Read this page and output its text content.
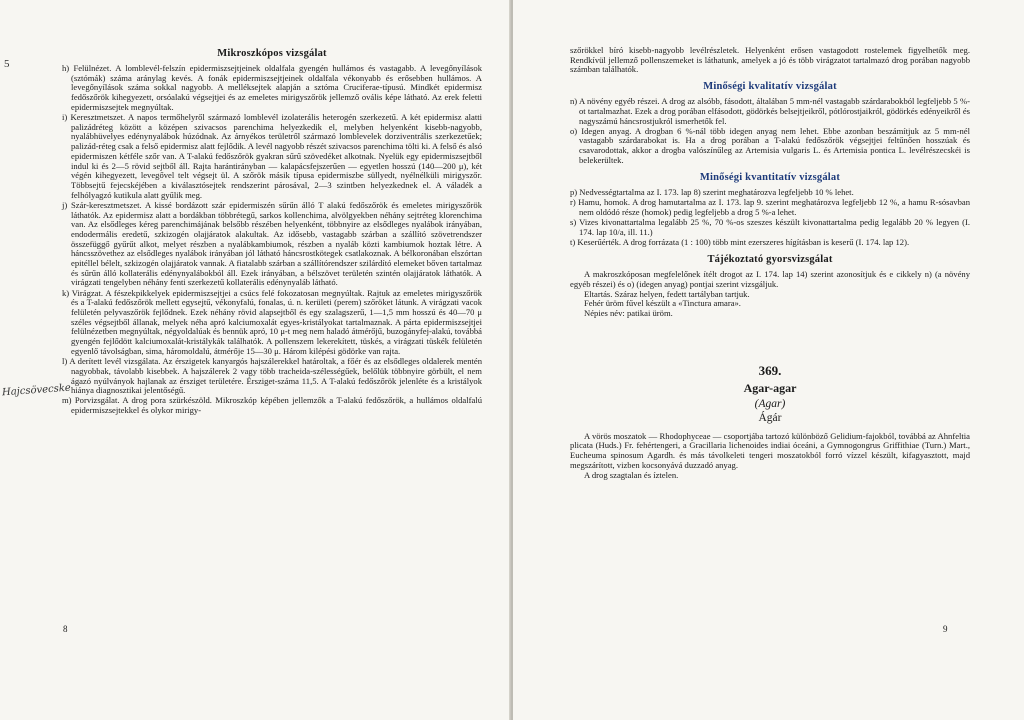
5
Hajcsövecske
Mikroszkópos vizsgálat

h) Felülnézet. A lomblevél-felszín epidermiszsejtjeinek oldalfala gyengén hullámos és vastagabb. A levegőnyílások (sztómák) száma aránylag kevés. A fonák epidermiszsejtjeinek oldalfala vékonyabb és erősebben hullámos. A levegőnyílások száma sokkal nagyobb. A melléksejtek alapján a sztóma Cruciferae-típusú. Mindkét epidermisz fedőszőrök kihegyezett, orsóalakú végsejtjei és az emeletes mirigyszőrök jellemző ovális képe látható. Az erek feletti epidermiszsejtek megnyúltak.

i) Keresztmetszet. A napos termőhelyről származó lomblevél izolaterális heterogén szerkezetű. A két epidermisz alatti palizádréteg között a középen szivacsos parenchima helyezkedik el, melyben helyenként kisebb-nagyobb, nyalábhüvelyes edénynyalábok húzódnak. Az árnyékos területről származó lomblevelek dorziventrális szerkezetűek; palizád-réteg csak a felső epidermisz alatt fejlődik. A levél nagyobb részét szivacsos parenchima tölti ki. A felső és alsó epidermiszen kétféle szőr van. A T-alakú fedőszőrök gyakran sűrű szövedéket alkotnak. Nyelük egy epidermiszsejtből indul ki és 2—5 rövid sejtből áll. Rajta harántirányban — kalapácsfejszerűen — egyetlen hosszú (140—200 μ), két végén kihegyezett, levegővel telt végsejt ül. A szőrök másik típusa epidermiszbe süllyedt, nyélnélküli mirigyszőr. Többsejtű fejecskéjében a kiválasztósejtek rendszerint párosával, 2—3 szintben helyezkednek el. A váladék a felhólyagzó kutikula alatt gyűlik meg.

j) Szár-keresztmetszet. A kissé bordázott szár epidermiszén sűrűn álló T alakú fedőszőrök és emeletes mirigyszőrök láthatók. Az epidermisz alatt a bordákban többrétegű, sarkos kollenchima, alvölgyekben néhány sejtréteg klorenchima van. Az elsődleges kéreg parenchimájának belsőbb részében helyenként, többnyire az elsődleges nyalábok irányában, endodermális eredetű, szkizogén olajjáratok alakultak. Az idősebb, vastagabb szárban a szállító szövetrendszer összefüggő gyűrűt alkot, melyet részben a nyalábkambiumok, részben a nyaláb közti kambiumok hoztak létre. A háncsszövethez az elsődleges nyalábok irányában jól látható háncsrostkötegek csatlakoznak. A bélkoronában elszórtan epitéllel bélelt, szkizogén olajjáratok vannak. A fiatalabb szárban a szállítórendszer szilárdító elemeket bőven tartalmaz és sűrűn álló kollaterális edénynyalábokból áll. Ezek irányában, a bélszövet területén szintén olajjáratok láthatók. A virágzati tengelyben néhány fenti szerkezetű kollaterális edénynyaláb látható.

k) Virágzat. A fészekpikkelyek epidermiszsejtjei a csúcs felé fokozatosan megnyúltak. Rajtuk az emeletes mirigyszőrök és a T-alakú fedőszőrök mellett egysejtű, vékonyfalú, fonalas, ú. n. kerületi (perem) szőröket látunk. A virágzati vacok felületén pelyvaszőrök fejlődnek. Ezek néhány rövid alapsejtből és egy szalagszerű, 1—1,5 mm hosszú és 40—70 μ széles végsejtből állanak, melyek néha apró kalciumoxalát egyes-kristályokat tartalmaznak. A párta epidermiszsejtjei felülnézetben megnyúltak, négyoldalúak és bennük apró, 10 μ-t meg nem haladó átmérőjű, buzogányfej-alakú, továbbá gyengén fejlődött kalciumoxalát-kristálykák találhatók. A pollenszem lekerekített, tüskés, a virágzati tüskék felületén egyenlő távolságban, sima, háromoldalú, átmérője 15—30 μ. Három kilépési gödörke van rajta.

l) A derített levél vizsgálata. Az érszigetek kanyargós hajszálerekkel határoltak, a főér és az elsődleges oldalerek mentén nagyobbak, távolabb kisebbek. A hajszálerek 2 vagy több tracheida-szélességűek, belőlük többnyire görbült, el nem ágazó nyúlványok hajlanak az érsziget területére. Érsziget-száma 11,5. A T-alakú fedőszőrök jelenléte és a kristályok hiánya diagnosztikai jelentőségű.

m) Porvizsgálat. A drog pora szürkészöld. Mikroszkóp képében jellemzők a T-alakú fedőszőrök, a hullámos oldalfalú epidermiszsejtekkel és olykor mirigy-

8

szőrökkel bíró kisebb-nagyobb levélrészletek. Helyenként erősen vastagodott rostelemek figyelhetők meg. Rendkívül jellemző pollenszemeket is láthatunk, amelyek a jó és több virágzatot tartalmazó drog porában nagyobb számban találhatók.

Minőségi kvalitatív vizsgálat

n) A növény egyéb részei. A drog az alsóbb, fásodott, általában 5 mm-nél vastagabb szárdarabokból legfeljebb 5 %-ot tartalmazhat. Ezek a drog porában elfásodott, gödörkés belsejtjeikről, pótlórostjaikról, gödörkés edényeikről és nagyszámú háncsrostjukról ismerhetők fel.

o) Idegen anyag. A drogban 6 %-nál több idegen anyag nem lehet. Ebbe azonban beszámítjuk az 5 mm-nél vastagabb szárdarabokat is. Ha a drog porában a T-alakú fedőszőrök végsejtjei feltűnően hosszúak és csavarodottak, akkor a drogba valószínűleg az Artemisia vulgaris L. és Artemisia pontica L. levélrészecskéi is belekerültek.

Minőségi kvantitatív vizsgálat

p) Nedvességtartalma az I. 173. lap 8) szerint meghatározva legfeljebb 10 % lehet.

r) Hamu, homok. A drog hamutartalma az I. 173. lap 9. szerint meghatározva legfeljebb 12 %, a hamu R-sósavban nem oldódó része (homok) pedig legfeljebb a drog 5 %-a lehet.

s) Vizes kivonattartalma legalább 25 %, 70 %-os szeszes készült kivonattartalma pedig legalább 20 % legyen (I. 174. lap 10/a, ill. 11.)

t) Keserűérték. A drog forrázata (1 : 100) több mint ezerszeres hígításban is keserű (I. 174. lap 12).

Tájékoztató gyorsvizsgálat

A makroszkóposan megfelelőnek ítélt drogot az I. 174. lap 14) szerint azonosítjuk és e cikkely n) (a növény egyéb részei) és o) (idegen anyag) pontjai szerint vizsgáljuk.

Eltartás. Száraz helyen, fedett tartályban tartjuk.

Fehér üröm fűvel készült a «Tinctura amara».

Népies név: patikai üröm.

369.
Agar-agar
(Agar)
Ágár

A vörös moszatok — Rhodophyceae — csoportjába tartozó különböző Gelidium-fajokból, továbbá az Ahnfeltia plicata (Huds.) Fr. fehértengeri, a Gracillaria lichenoides indiai óceáni, a Gymnogongrus Griffithiae (Turn.) Mart., Eucheuma spinosum Agardh. és más távolkeleti tengeri moszatokból forró vízzel készült, kifagyasztott, majd megszárított, vizben kocsonyává duzzadó anyag.

A drog szagtalan és íztelen.

9
